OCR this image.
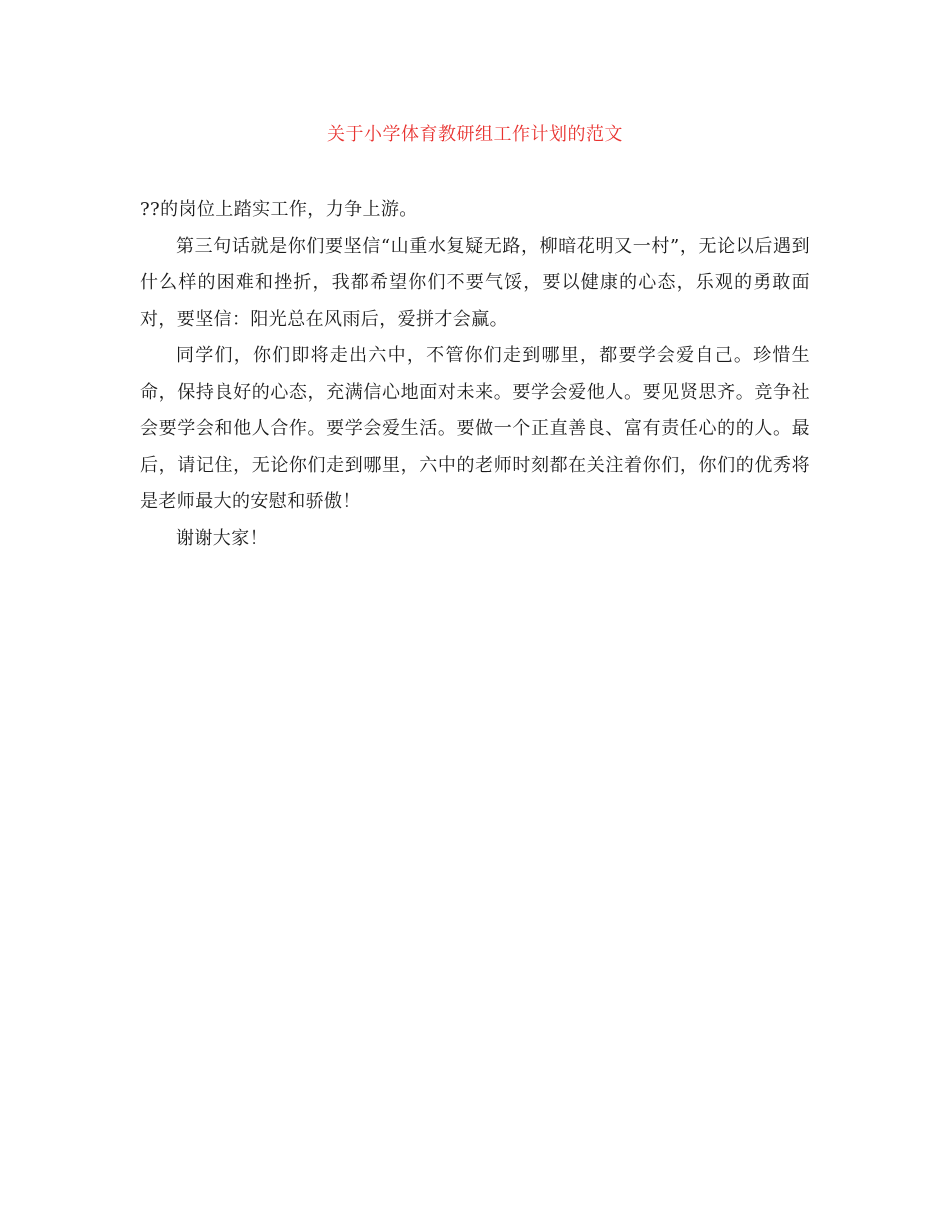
关于小学体育教研组工作计划的范文

??的岗位上踏实工作，力争上游。

第三句话就是你们要坚信“山重水复疑无路，柳暗花明又一村”，无论以后遇到什么样的困难和挫折，我都希望你们不要气馁，要以健康的心态，乐观的勇敢面对，要坚信：阳光总在风雨后，爱拼才会赢。

同学们，你们即将走出六中，不管你们走到哪里，都要学会爱自己。珍惜生命，保持良好的心态，充满信心地面对未来。要学会爱他人。要见贤思齐。竞争社会要学会和他人合作。要学会爱生活。要做一个正直善良、富有责任心的的人。最后，请记住，无论你们走到哪里，六中的老师时刻都在关注着你们，你们的优秀将是老师最大的安慰和骄傲！

谢谢大家！
